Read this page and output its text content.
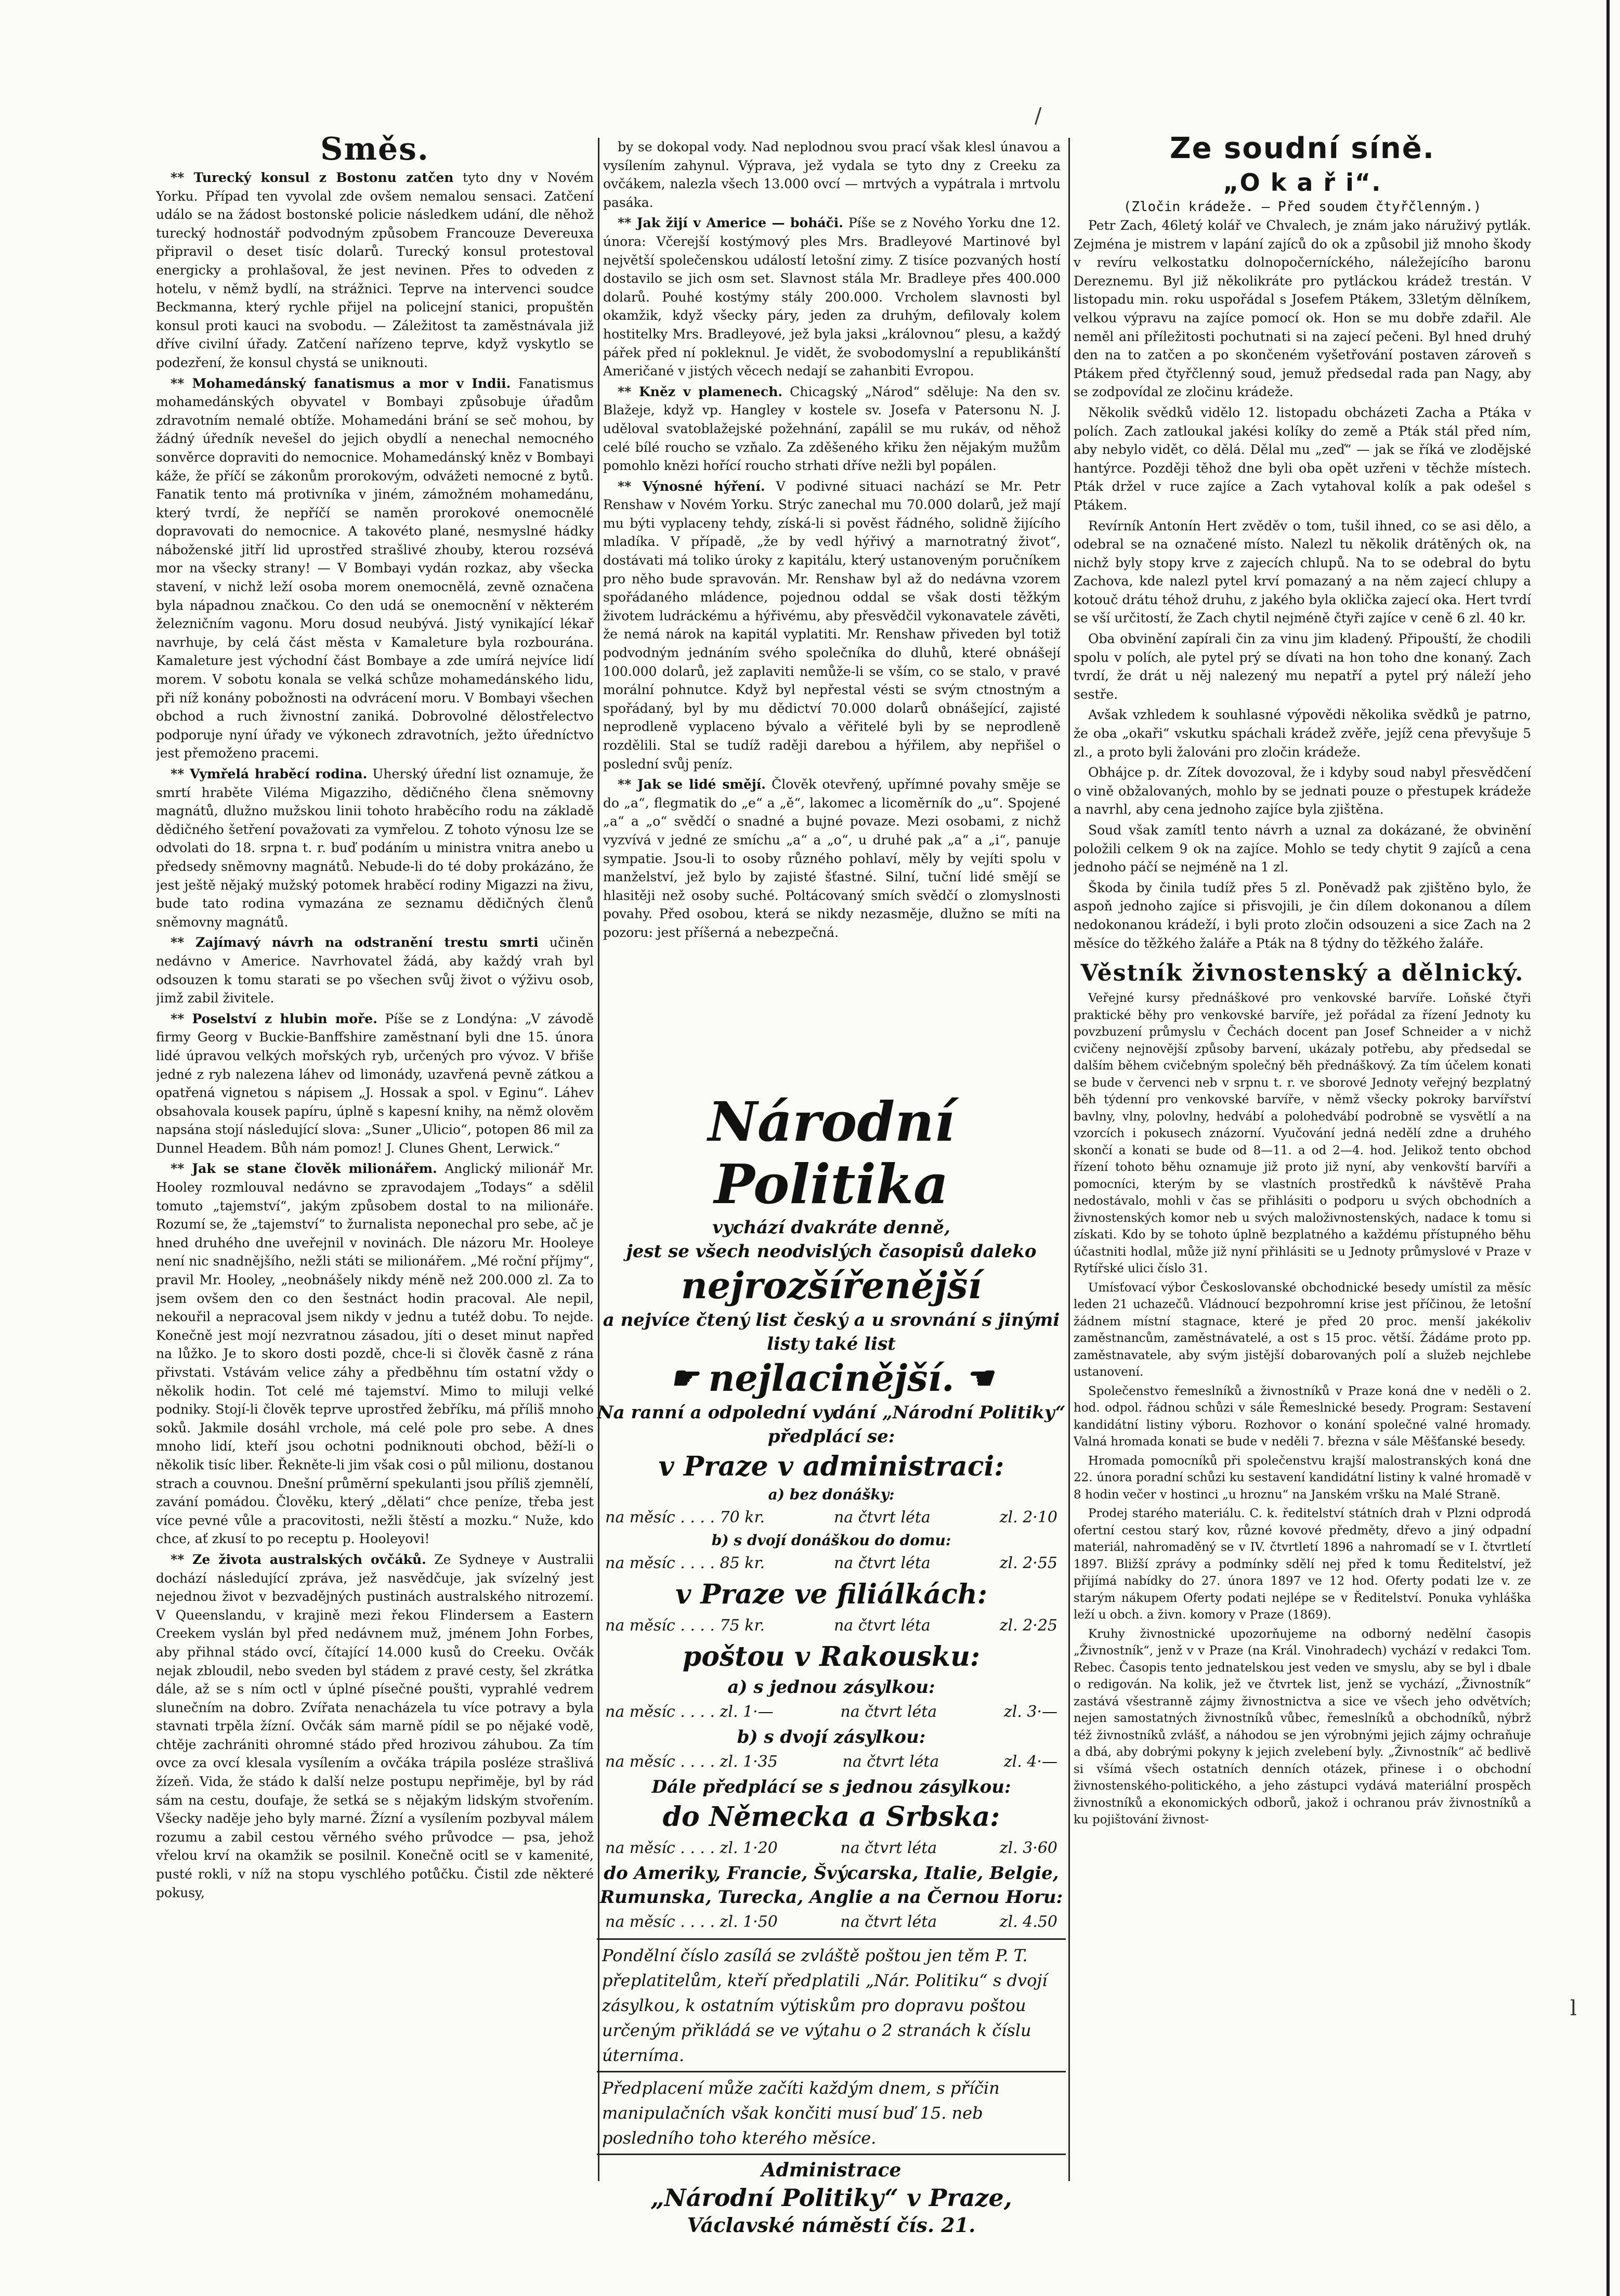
/
l
Směs.

** Turecký konsul z Bostonu zatčen tyto dny v Novém Yorku. Případ ten vyvolal zde ovšem nemalou sensaci. Zatčení událo se na žádost bostonské policie následkem udání, dle něhož turecký hodnostář podvodným způsobem Francouze Devereuxa připravil o deset tisíc dolarů. Turecký konsul protestoval energicky a prohlašoval, že jest nevinen. Přes to odveden z hotelu, v němž bydlí, na strážnici. Teprve na intervenci soudce Beckmanna, který rychle přijel na policejní stanici, propuštěn konsul proti kauci na svobodu. — Záležitost ta zaměstnávala již dříve civilní úřady. Zatčení nařízeno teprve, když vyskytlo se podezření, že konsul chystá se uniknouti.

** Mohamedánský fanatismus a mor v Indii. Fanatismus mohamedánských obyvatel v Bombayi způsobuje úřadům zdravotním nemalé obtíže. Mohamedáni brání se seč mohou, by žádný úředník nevešel do jejich obydlí a nenechal nemocného sonvěrce dopraviti do nemocnice. Mohamedánský kněz v Bombayi káže, že příčí se zákonům prorokovým, odvážeti nemocné z bytů. Fanatik tento má protivníka v jiném, zámožném mohamedánu, který tvrdí, že nepříčí se naměn prorokové onemocnělé dopravovati do nemocnice. A takovéto plané, nesmyslné hádky náboženské jitří lid uprostřed strašlivé zhouby, kterou rozsévá mor na všecky strany! — V Bombayi vydán rozkaz, aby všecka stavení, v nichž leží osoba morem onemocnělá, zevně označena byla nápadnou značkou. Co den udá se onemocnění v některém železničním vagonu. Moru dosud neubývá. Jistý vynikající lékař navrhuje, by celá část města v Kamaleture byla rozbourána. Kamaleture jest východní část Bombaye a zde umírá nejvíce lidí morem. V sobotu konala se velká schůze mohamedánského lidu, při níž konány pobožnosti na odvrácení moru. V Bombayi všechen obchod a ruch živnostní zaniká. Dobrovolné dělostřelectvo podporuje nyní úřady ve výkonech zdravotních, ježto úředníctvo jest přemoženo pracemi.

** Vymřelá hraběcí rodina. Uherský úřední list oznamuje, že smrtí hraběte Viléma Migazziho, dědičného člena sněmovny magnátů, dlužno mužskou linii tohoto hraběcího rodu na základě dědičného šetření považovati za vymřelou. Z tohoto výnosu lze se odvolati do 18. srpna t. r. buď podáním u ministra vnitra anebo u předsedy sněmovny magnátů. Nebude-li do té doby prokázáno, že jest ještě nějaký mužský potomek hraběcí rodiny Migazzi na živu, bude tato rodina vymazána ze seznamu dědičných členů sněmovny magnátů.

** Zajímavý návrh na odstranění trestu smrti učiněn nedávno v Americe. Navrhovatel žádá, aby každý vrah byl odsouzen k tomu starati se po všechen svůj život o výživu osob, jimž zabil živitele.

** Poselství z hlubin moře. Píše se z Londýna: „V závodě firmy Georg v Buckie-Banffshire zaměstnaní byli dne 15. února lidé úpravou velkých mořských ryb, určených pro vývoz. V břiše jedné z ryb nalezena láhev od limonády, uzavřená pevně zátkou a opatřená vignetou s nápisem „J. Hossak a spol. v Eginu“. Láhev obsahovala kousek papíru, úplně s kapesní knihy, na němž olověm napsána stojí následující slova: „Suner „Ulicio“, potopen 86 mil za Dunnel Headem. Bůh nám pomoz! J. Clunes Ghent, Lerwick.“

** Jak se stane člověk milionářem. Anglický milionář Mr. Hooley rozmlouval nedávno se zpravodajem „Todays“ a sdělil tomuto „tajemství“, jakým způsobem dostal to na milionáře. Rozumí se, že „tajemství“ to žurnalista neponechal pro sebe, ač je hned druhého dne uveřejnil v novinách. Dle názoru Mr. Hooleye není nic snadnějšího, nežli státi se milionářem. „Mé roční příjmy“, pravil Mr. Hooley, „neobnášely nikdy méně než 200.000 zl. Za to jsem ovšem den co den šestnáct hodin pracoval. Ale nepil, nekouřil a nepracoval jsem nikdy v jednu a tutéž dobu. To nejde. Konečně jest mojí nezvratnou zásadou, jíti o deset minut napřed na lůžko. Je to skoro dosti pozdě, chce-li si člověk časně z rána přivstati. Vstávám velice záhy a předběhnu tím ostatní vždy o několik hodin. Tot celé mé tajemství. Mimo to miluji velké podniky. Stojí-li člověk teprve uprostřed žebříku, má příliš mnoho soků. Jakmile dosáhl vrchole, má celé pole pro sebe. A dnes mnoho lidí, kteří jsou ochotni podniknouti obchod, běží-li o několik tisíc liber. Řekněte-li jim však cosi o půl milionu, dostanou strach a couvnou. Dnešní průměrní spekulanti jsou příliš zjemnělí, zavání pomádou. Člověku, který „dělati“ chce peníze, třeba jest více pevné vůle a pracovitosti, nežli štěstí a mozku.“ Nuže, kdo chce, ať zkusí to po receptu p. Hooleyovi!

** Ze života australských ovčáků. Ze Sydneye v Australii dochází následující zpráva, jež nasvědčuje, jak svízelný jest nejednou život v bezvadějných pustinách australského nitrozemí. V Queenslandu, v krajině mezi řekou Flindersem a Eastern Creekem vyslán byl před nedávnem muž, jménem John Forbes, aby přihnal stádo ovcí, čítající 14.000 kusů do Creeku. Ovčák nejak zbloudil, nebo sveden byl stádem z pravé cesty, šel zkrátka dále, až se s ním octl v úplné písečné poušti, vyprahlé vedrem slunečním na dobro. Zvířata nenacházela tu více potravy a byla stavnati trpěla žízní. Ovčák sám marně pídil se po nějaké vodě, chtěje zachrániti ohromné stádo před hrozivou záhubou. Za tím ovce za ovcí klesala vysílením a ovčáka trápila posléze strašlivá žízeň. Vida, že stádo k další nelze postupu nepřiměje, byl by rád sám na cestu, doufaje, že setká se s nějakým lidským stvořením. Všecky naděje jeho byly marné. Žízní a vysílením pozbyval málem rozumu a zabil cestou věrného svého průvodce — psa, jehož vřelou krví na okamžik se posilnil. Konečně ocitl se v kamenité, pusté rokli, v níž na stopu vyschlého potůčku. Čistil zde některé pokusy,

by se dokopal vody. Nad neplodnou svou prací však klesl únavou a vysílením zahynul. Výprava, jež vydala se tyto dny z Creeku za ovčákem, nalezla všech 13.000 ovcí — mrtvých a vypátrala i mrtvolu pasáka.

** Jak žijí v Americe — boháči. Píše se z Nového Yorku dne 12. února: Včerejší kostýmový ples Mrs. Bradleyové Martinové byl největší společenskou událostí letošní zimy. Z tisíce pozvaných hostí dostavilo se jich osm set. Slavnost stála Mr. Bradleye přes 400.000 dolarů. Pouhé kostýmy stály 200.000. Vrcholem slavnosti byl okamžik, když všecky páry, jeden za druhým, defilovaly kolem hostitelky Mrs. Bradleyové, jež byla jaksi „královnou“ plesu, a každý pářek před ní pokleknul. Je vidět, že svobodomyslní a republikánští Američané v jistých věcech nedají se zahanbiti Evropou.

** Kněz v plamenech. Chicagský „Národ“ sděluje: Na den sv. Blažeje, když vp. Hangley v kostele sv. Josefa v Patersonu N. J. uděloval svatoblažejské požehnání, zapálil se mu rukáv, od něhož celé bílé roucho se vzňalo. Za zděšeného křiku žen nějakým mužům pomohlo knězi hořící roucho strhati dříve nežli byl popálen.

** Výnosné hýření. V podivné situaci nachází se Mr. Petr Renshaw v Novém Yorku. Strýc zanechal mu 70.000 dolarů, jež mají mu býti vyplaceny tehdy, získá-li si pověst řádného, solidně žijícího mladíka. V případě, „že by vedl hýřivý a marnotratný život“, dostávati má toliko úroky z kapitálu, který ustanoveným poručníkem pro něho bude spravován. Mr. Renshaw byl až do nedávna vzorem spořádaného mládence, pojednou oddal se však dosti těžkým životem ludráckému a hýřivému, aby přesvědčil vykonavatele závěti, že nemá nárok na kapitál vyplatiti. Mr. Renshaw přiveden byl totiž podvodným jednáním svého společníka do dluhů, které obnášejí 100.000 dolarů, jež zaplaviti nemůže-li se vším, co se stalo, v pravé morální pohnutce. Když byl nepřestal vésti se svým ctnostným a spořádaný, byl by mu dědictví 70.000 dolarů obnášející, zajisté neprodleně vyplaceno bývalo a věřitelé byli by se neprodleně rozdělili. Stal se tudíž raději darebou a hýřilem, aby nepřišel o poslední svůj peníz.

** Jak se lidé smějí. Člověk otevřený, upřímné povahy směje se do „a“, flegmatik do „e“ a „ě“, lakomec a licoměrník do „u“. Spojené „a“ a „o“ svědčí o snadné a bujné povaze. Mezi osobami, z nichž vyzvívá v jedné ze smíchu „a“ a „o“, u druhé pak „a“ a „i“, panuje sympatie. Jsou-li to osoby různého pohlaví, měly by vejíti spolu v manželství, jež bylo by zajisté šťastné. Silní, tuční lidé smějí se hlasitěji než osoby suché. Poltácovaný smích svědčí o zlomyslnosti povahy. Před osobou, která se nikdy nezasměje, dlužno se míti na pozoru: jest příšerná a nebezpečná.

Národní Politika
vychází dvakráte denně,
jest se všech neodvislých časopisů daleko
nejrozšířenější
a nejvíce čtený list český a u srovnání s jinými listy také list
☛ nejlacinější. ☚
Na ranní a odpolední vydání „Národní Politiky“ předplácí se:
v Praze v administraci:
a) bez donášky:
na měsíc . . . . 70 kr.	na čtvrt léta	zl. 2·10
b) s dvojí donáškou do domu:
na měsíc . . . . 85 kr.	na čtvrt léta	zl. 2·55
v Praze ve filiálkách:
na měsíc . . . . 75 kr.	na čtvrt léta	zl. 2·25
poštou v Rakousku:
a) s jednou zásylkou:
na měsíc . . . . zl. 1·—	na čtvrt léta	zl. 3·—
b) s dvojí zásylkou:
na měsíc . . . . zl. 1·35	na čtvrt léta	zl. 4·—
Dále předplácí se s jednou zásylkou:
do Německa a Srbska:
na měsíc . . . . zl. 1·20	na čtvrt léta	zl. 3·60
do Ameriky, Francie, Švýcarska, Italie, Belgie, Rumunska, Turecka, Anglie a na Černou Horu:
na měsíc . . . . zl. 1·50	na čtvrt léta	zl. 4.50
Pondělní číslo zasílá se zvláště poštou jen těm P. T. přeplatitelům, kteří předplatili „Nár. Politiku“ s dvojí zásylkou, k ostatním výtiskům pro dopravu poštou určeným přikládá se ve výtahu o 2 stranách k číslu úterníma.
Předplacení může začíti každým dnem, s příčin manipulačních však končiti musí buď 15. neb posledního toho kterého měsíce.
Administrace
„Národní Politiky“ v Praze,
Václavské náměstí čís. 21.
Ze soudní síně.
„O k a ř i“.
(Zločin krádeže. — Před soudem čtyřčlenným.)

Petr Zach, 46letý kolář ve Chvalech, je znám jako náruživý pytlák. Zejména je mistrem v lapání zajíců do ok a způsobil již mnoho škody v revíru velkostatku dolnopočerníckého, náležejícího baronu Dereznemu. Byl již několikráte pro pytláckou krádež trestán. V listopadu min. roku uspořádal s Josefem Ptákem, 33letým dělníkem, velkou výpravu na zajíce pomocí ok. Hon se mu dobře zdařil. Ale neměl ani příležitosti pochutnati si na zajecí pečeni. Byl hned druhý den na to zatčen a po skončeném vyšetřování postaven zároveň s Ptákem před čtyřčlenný soud, jemuž předsedal rada pan Nagy, aby se zodpovídal ze zločinu krádeže.

Několik svědků vidělo 12. listopadu obcházeti Zacha a Ptáka v polích. Zach zatloukal jakési kolíky do země a Pták stál před ním, aby nebylo vidět, co dělá. Dělal mu „zeď“ — jak se říká ve zlodějské hantýrce. Později těhož dne byli oba opět uzřeni v těchže místech. Pták držel v ruce zajíce a Zach vytahoval kolík a pak odešel s Ptákem.

Revírník Antonín Hert zvěděv o tom, tušil ihned, co se asi dělo, a odebral se na označené místo. Nalezl tu několik drátěných ok, na nichž byly stopy krve z zajecích chlupů. Na to se odebral do bytu Zachova, kde nalezl pytel krví pomazaný a na něm zajecí chlupy a kotouč drátu téhož druhu, z jakého byla oklička zajecí oka. Hert tvrdí se vší určitostí, že Zach chytil nejméně čtyři zajíce v ceně 6 zl. 40 kr.

Oba obvinění zapírali čin za vinu jim kladený. Připouští, že chodili spolu v polích, ale pytel prý se dívati na hon toho dne konaný. Zach tvrdí, že drát u něj nalezený mu nepatří a pytel prý náleží jeho sestře.

Avšak vzhledem k souhlasné výpovědi několika svědků je patrno, že oba „okaři“ vskutku spáchali krádež zvěře, jejíž cena převyšuje 5 zl., a proto byli žalováni pro zločin krádeže.

Obhájce p. dr. Zítek dovozoval, že i kdyby soud nabyl přesvědčení o vině obžalovaných, mohlo by se jednati pouze o přestupek krádeže a navrhl, aby cena jednoho zajíce byla zjištěna.

Soud však zamítl tento návrh a uznal za dokázané, že obvinění položili celkem 9 ok na zajíce. Mohlo se tedy chytit 9 zajíců a cena jednoho páčí se nejméně na 1 zl.

Škoda by činila tudíž přes 5 zl. Poněvadž pak zjištěno bylo, že aspoň jednoho zajíce si přisvojili, je čin dílem dokonanou a dílem nedokonanou krádeží, i byli proto zločin odsouzeni a sice Zach na 2 měsíce do těžkého žaláře a Pták na 8 týdny do těžkého žaláře.

Věstník živnostenský a dělnický.

Veřejné kursy přednáškové pro venkovské barvíře. Loňské čtyři praktické běhy pro venkovské barvíře, jež pořádal za řízení Jednoty ku povzbuzení průmyslu v Čechách docent pan Josef Schneider a v nichž cvičeny nejnovější způsoby barvení, ukázaly potřebu, aby předsedal se dalším během cvičebným společný běh přednáškový. Za tím účelem konati se bude v červenci neb v srpnu t. r. ve sborové Jednoty veřejný bezplatný běh týdenní pro venkovské barvíře, v němž všecky pokroky barvířství bavlny, vlny, polovlny, hedvábí a polohedvábí podrobně se vysvětlí a na vzorcích i pokusech znázorní. Vyučování jedná nedělí zdne a druhého skončí a konati se bude od 8—11. a od 2—4. hod. Jelikož tento obchod řízení tohoto běhu oznamuje již proto již nyní, aby venkovští barvíři a pomocníci, kterým by se vlastních prostředků k návštěvě Praha nedostávalo, mohli v čas se přihlásiti o podporu u svých obchodních a živnostenských komor neb u svých maloživnostenských, nadace k tomu si získati. Kdo by se tohoto úplně bezplatného a každému přístupného běhu účastniti hodlal, může již nyní přihlásiti se u Jednoty průmyslové v Praze v Rytířské ulici číslo 31.

Umísťovací výbor Českoslovanské obchodnické besedy umístil za měsíc leden 21 uchazečů. Vládnoucí bezpohromní krise jest příčinou, že letošní žádnem místní stagnace, které je před 20 proc. menší jakékoliv zaměstnancům, zaměstnávatelé, a ost s 15 proc. větší. Žádáme proto pp. zaměstnavatele, aby svým jistější dobarovaných polí a služeb nejchlebe ustanovení.

Společenstvo řemeslníků a živnostníků v Praze koná dne v neděli o 2. hod. odpol. řádnou schůzi v sále Řemeslnické besedy. Program: Sestavení kandidátní listiny výboru. Rozhovor o konání společné valné hromady. Valná hromada konati se bude v neděli 7. března v sále Měšťanské besedy.

Hromada pomocníků při společenstvu krajší malostranských koná dne 22. února poradní schůzi ku sestavení kandidátní listiny k valné hromadě v 8 hodin večer v hostinci „u hroznu“ na Janském vršku na Malé Straně.

Prodej starého materiálu. C. k. ředitelství státních drah v Plzni odprodá ofertní cestou starý kov, různé kovové předměty, dřevo a jiný odpadní materiál, nahromaděný se v IV. čtvrtletí 1896 a nahromadí se v I. čtvrtletí 1897. Bližší zprávy a podmínky sdělí nej před k tomu Ředitelství, jež přijímá nabídky do 27. února 1897 ve 12 hod. Oferty podati lze v. ze starým nákupem Oferty podati nejlépe se v Ředitelství. Ponuka vyhláška leží u obch. a živn. komory v Praze (1869).

Kruhy živnostnické upozorňujeme na odborný nedělní časopis „Živnostník“, jenž v v Praze (na Král. Vinohradech) vychází v redakci Tom. Rebec. Časopis tento jednatelskou jest veden ve smyslu, aby se byl i dbale o redigován. Na kolik, jež ve čtvrtek list, jenž se vychází, „Živnostník“ zastává všestranně zájmy živnostnictva a sice ve všech jeho odvětvích; nejen samostatných živnostníků vůbec, řemeslníků a obchodníků, nýbrž též živnostníků zvlášť, a náhodou se jen výrobnými jejich zájmy ochraňuje a dbá, aby dobrými pokyny k jejich zvelebení byly. „Živnostník“ ač bedlivě si všímá všech ostatních denních otázek, přinese i o obchodní živnostenského-politického, a jeho zástupci vydává materiální prospěch živnostníků a ekonomických odborů, jakož i ochranou práv živnostníků a ku pojištování živnost-
